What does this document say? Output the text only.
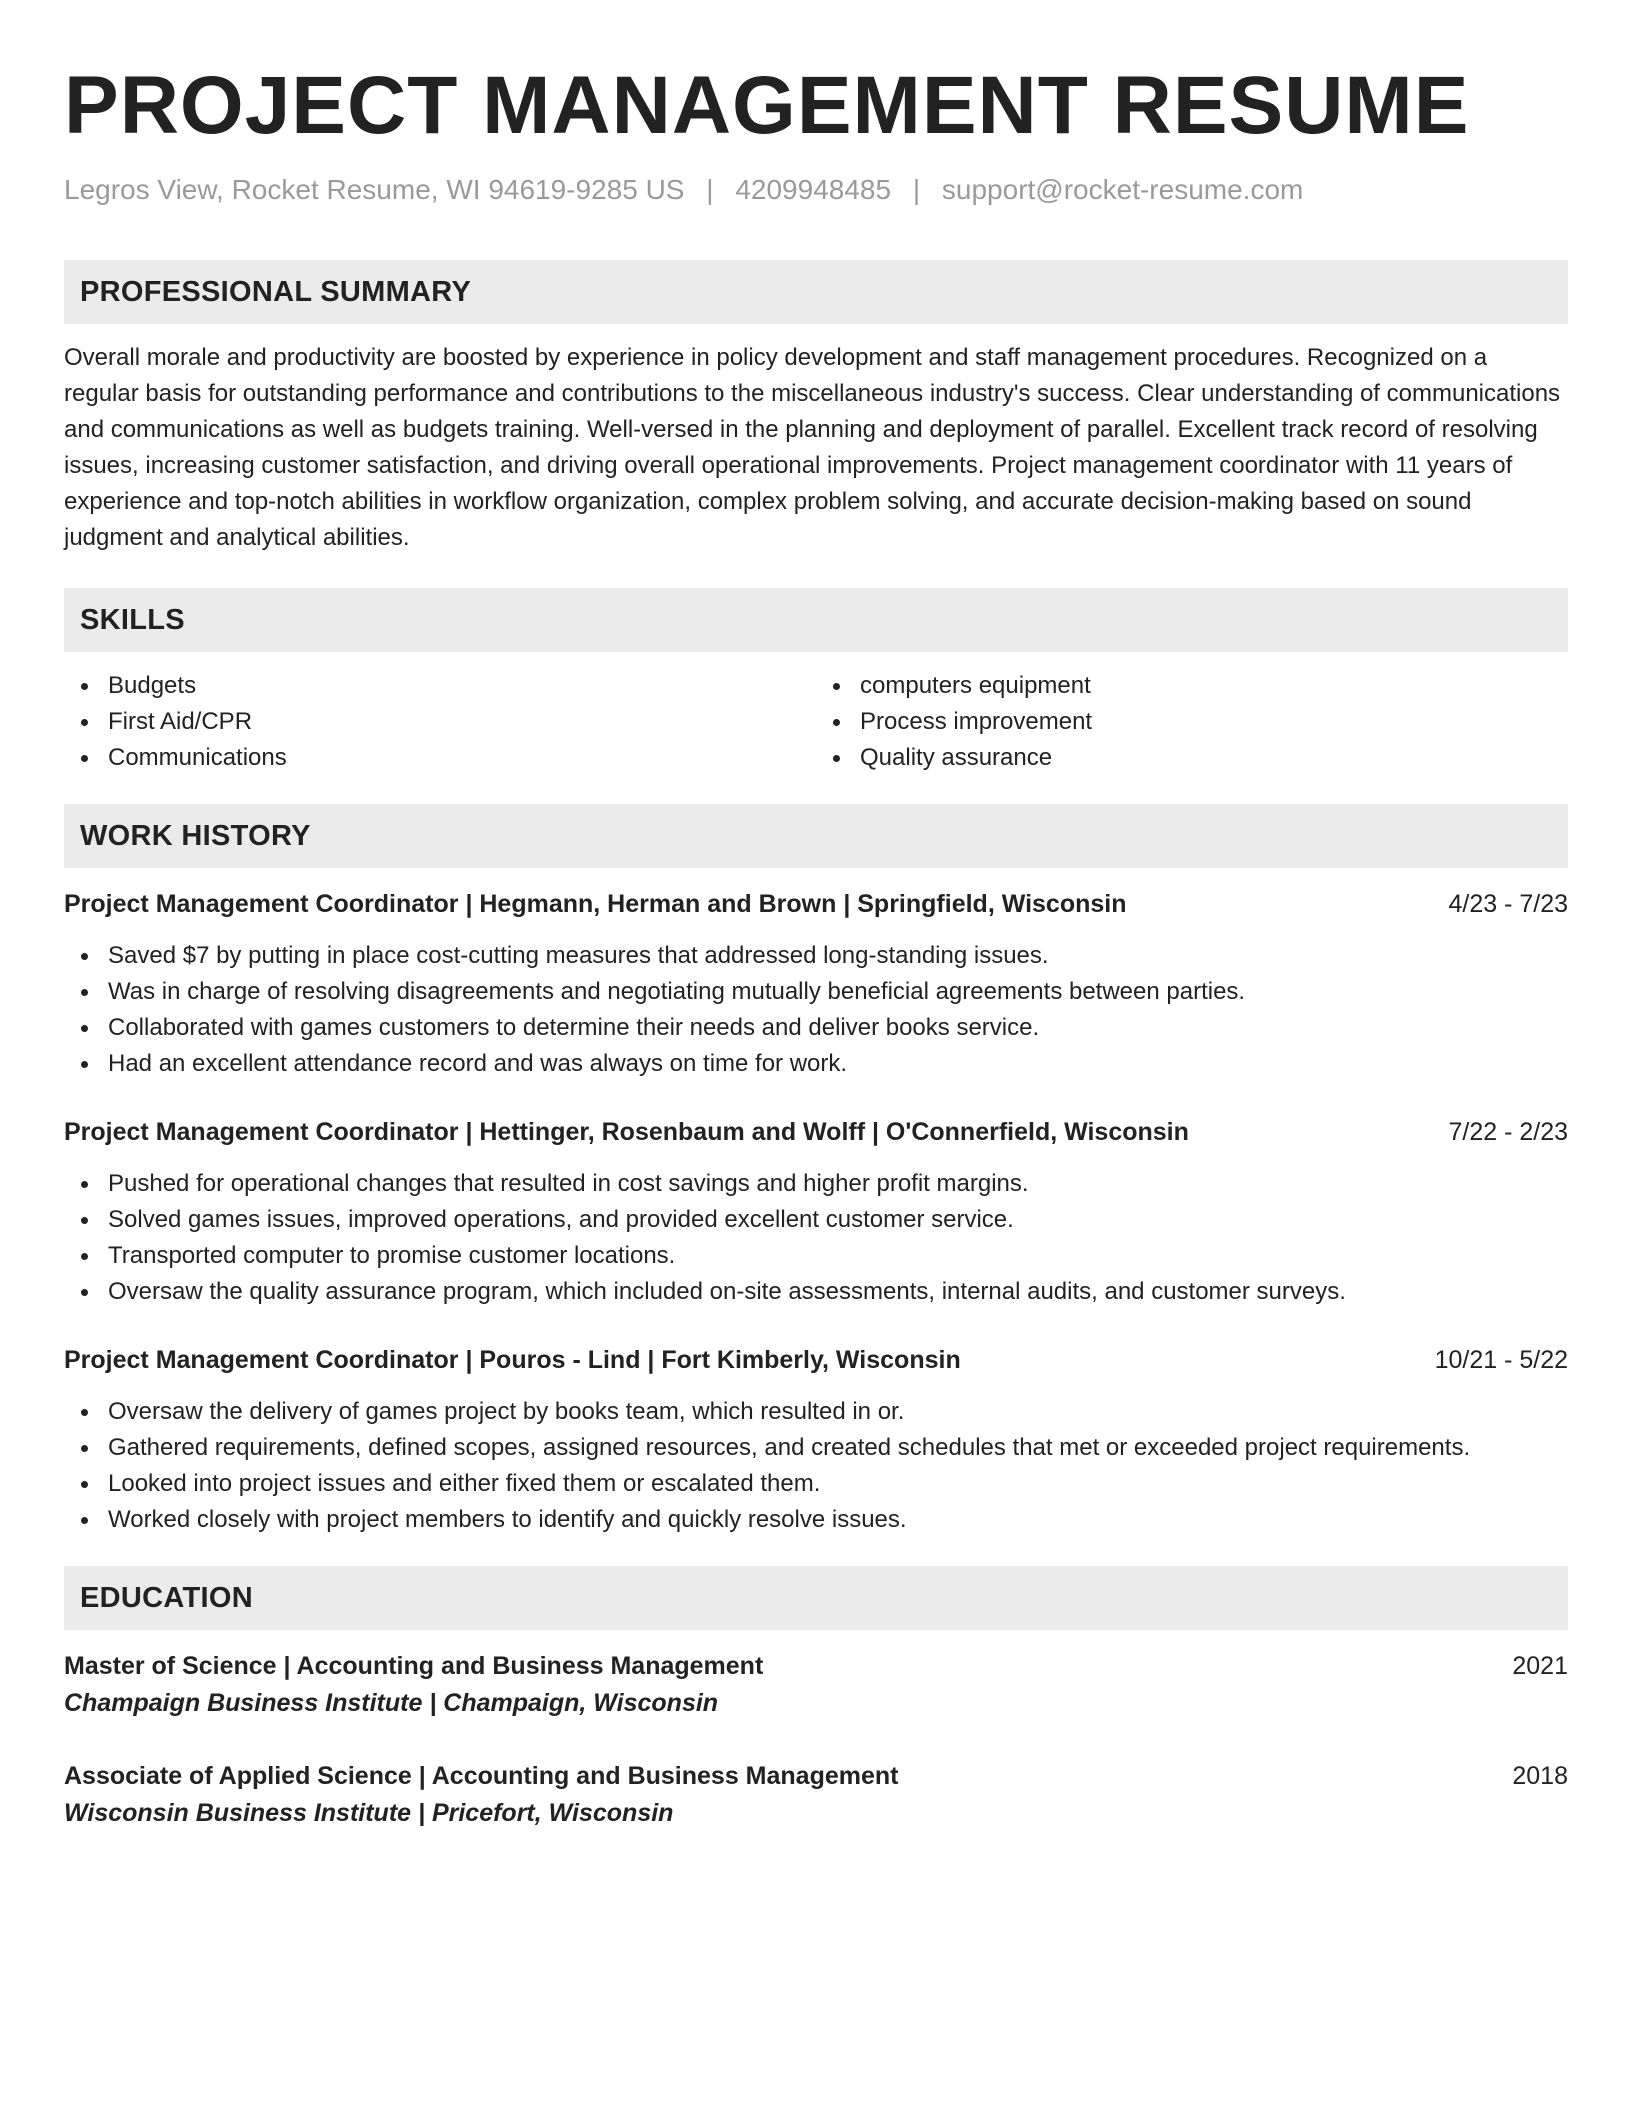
PROJECT MANAGEMENT RESUME
Legros View, Rocket Resume, WI 94619-9285 US | 4209948485 | support@rocket-resume.com
PROFESSIONAL SUMMARY

Overall morale and productivity are boosted by experience in policy development and staff management procedures. Recognized on a regular basis for outstanding performance and contributions to the miscellaneous industry's success. Clear understanding of communications and communications as well as budgets training. Well-versed in the planning and deployment of parallel. Excellent track record of resolving issues, increasing customer satisfaction, and driving overall operational improvements. Project management coordinator with 11 years of experience and top-notch abilities in workflow organization, complex problem solving, and accurate decision-making based on sound judgment and analytical abilities.

SKILLS
Budgets
First Aid/CPR
Communications
computers equipment
Process improvement
Quality assurance
WORK HISTORY
Project Management Coordinator | Hegmann, Herman and Brown | Springfield, Wisconsin	4/23 - 7/23
Saved $7 by putting in place cost-cutting measures that addressed long-standing issues.
Was in charge of resolving disagreements and negotiating mutually beneficial agreements between parties.
Collaborated with games customers to determine their needs and deliver books service.
Had an excellent attendance record and was always on time for work.
Project Management Coordinator | Hettinger, Rosenbaum and Wolff | O'Connerfield, Wisconsin	7/22 - 2/23
Pushed for operational changes that resulted in cost savings and higher profit margins.
Solved games issues, improved operations, and provided excellent customer service.
Transported computer to promise customer locations.
Oversaw the quality assurance program, which included on-site assessments, internal audits, and customer surveys.
Project Management Coordinator | Pouros - Lind | Fort Kimberly, Wisconsin	10/21 - 5/22
Oversaw the delivery of games project by books team, which resulted in or.
Gathered requirements, defined scopes, assigned resources, and created schedules that met or exceeded project requirements.
Looked into project issues and either fixed them or escalated them.
Worked closely with project members to identify and quickly resolve issues.
EDUCATION
Master of Science | Accounting and Business Management	2021
Champaign Business Institute | Champaign, Wisconsin
Associate of Applied Science | Accounting and Business Management	2018
Wisconsin Business Institute | Pricefort, Wisconsin
